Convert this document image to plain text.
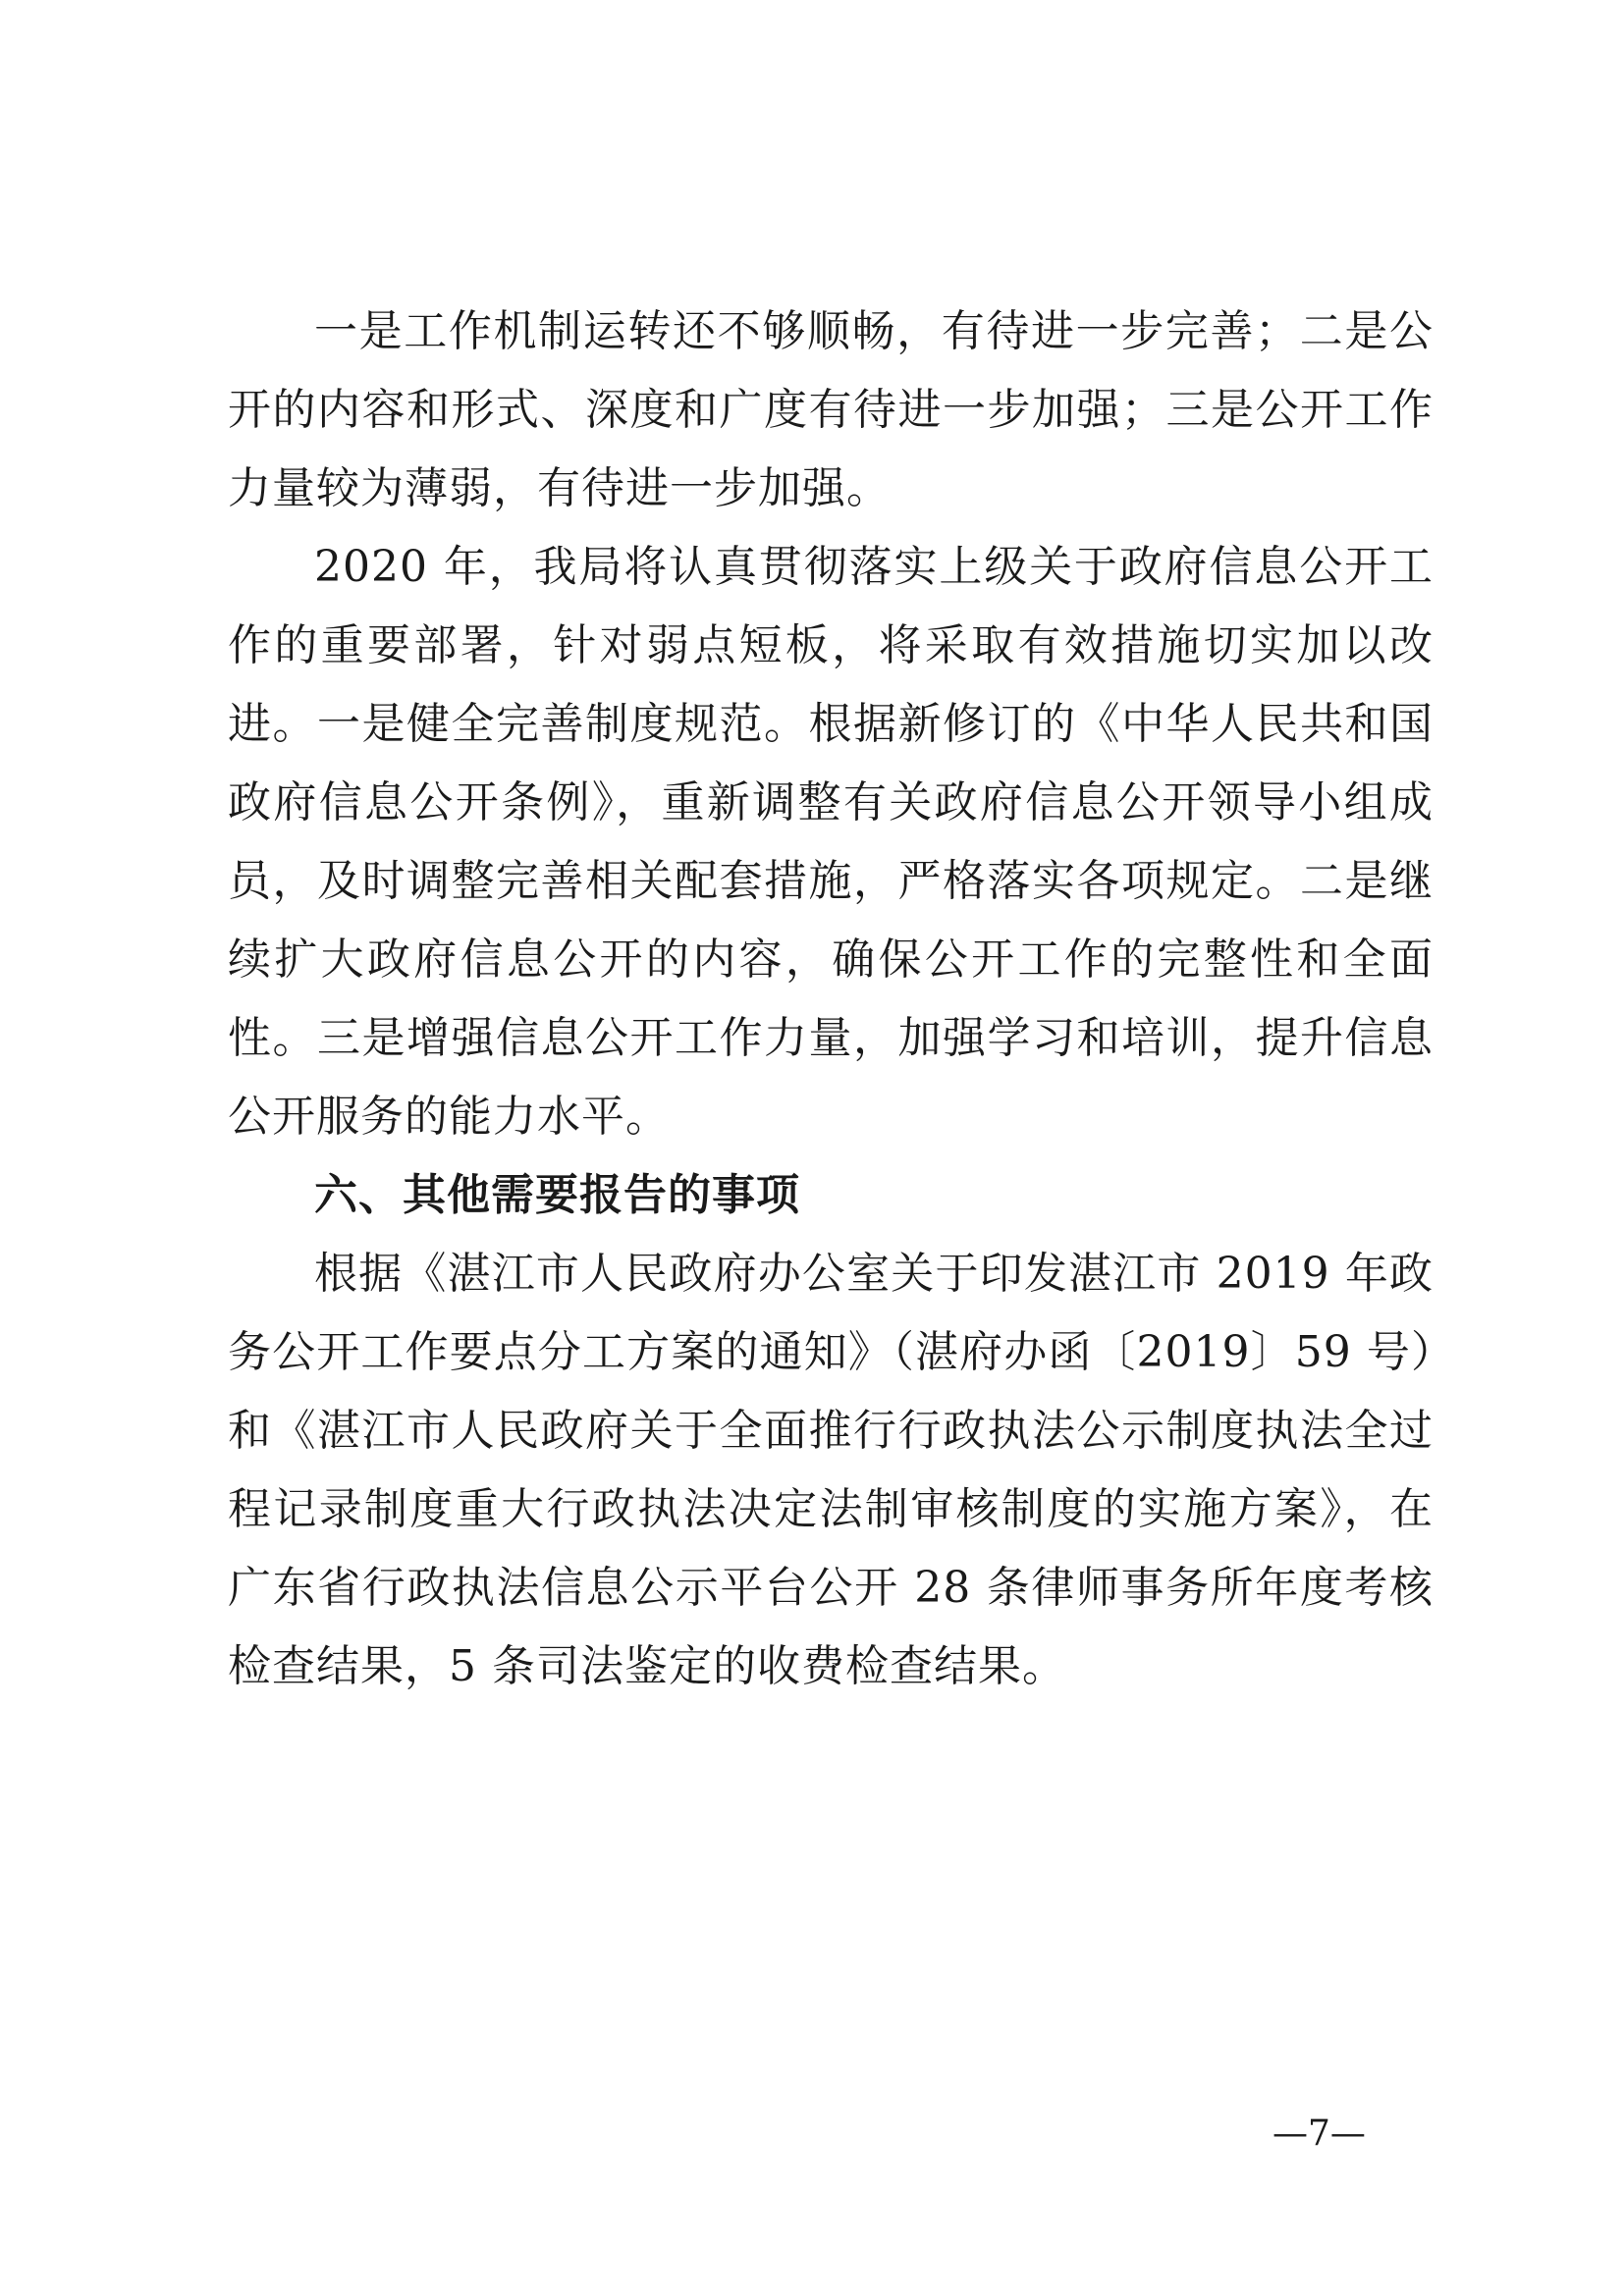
一是工作机制运转还不够顺畅，有待进一步完善；二是公开的内容和形式、深度和广度有待进一步加强；三是公开工作力量较为薄弱，有待进一步加强。

2020 年，我局将认真贯彻落实上级关于政府信息公开工作的重要部署，针对弱点短板，将采取有效措施切实加以改进。一是健全完善制度规范。根据新修订的《中华人民共和国政府信息公开条例》，重新调整有关政府信息公开领导小组成员，及时调整完善相关配套措施，严格落实各项规定。二是继续扩大政府信息公开的内容，确保公开工作的完整性和全面性。三是增强信息公开工作力量，加强学习和培训，提升信息公开服务的能力水平。

六、其他需要报告的事项

根据《湛江市人民政府办公室关于印发湛江市 2019 年政务公开工作要点分工方案的通知》（湛府办函〔2019〕59 号）和《湛江市人民政府关于全面推行行政执法公示制度执法全过程记录制度重大行政执法决定法制审核制度的实施方案》，在广东省行政执法信息公示平台公开 28 条律师事务所年度考核检查结果，5 条司法鉴定的收费检查结果。

—7—
